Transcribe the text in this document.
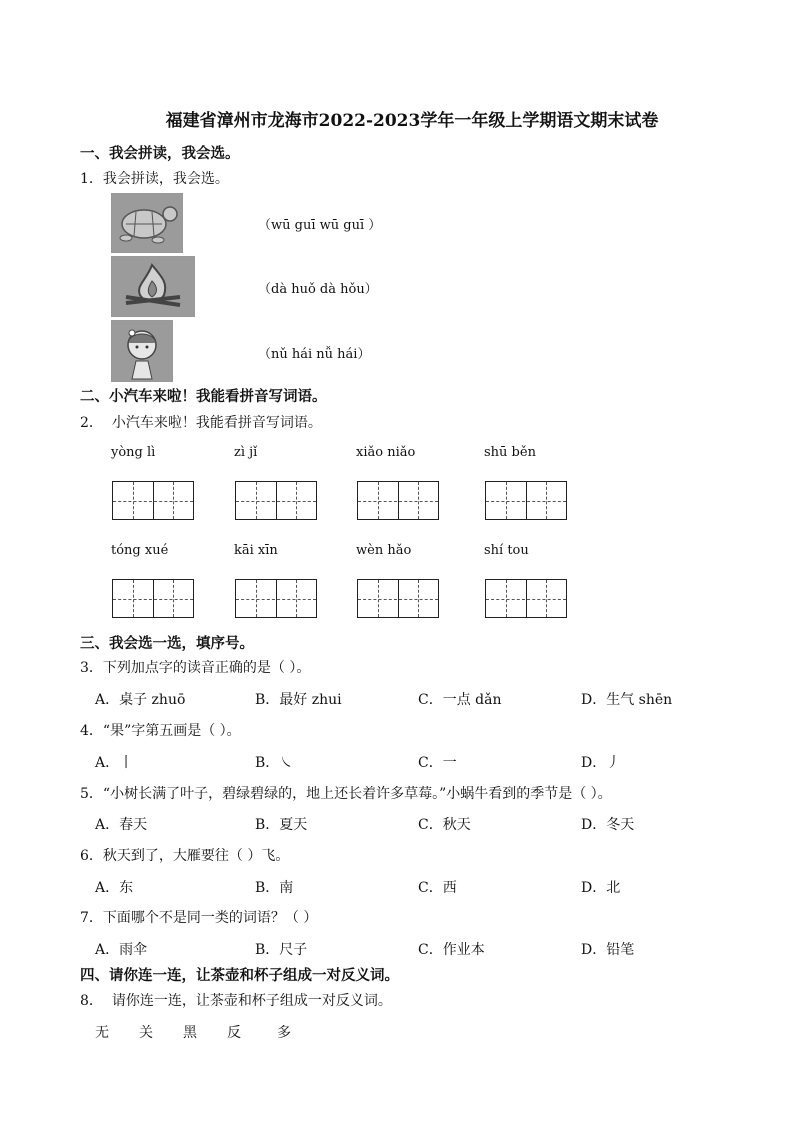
福建省漳州市龙海市2022-2023学年一年级上学期语文期末试卷
一、我会拼读，我会选。
1．我会拼读，我会选。
（wū guī wū guī ）
（dà huǒ dà hǒu）
（nǔ hái nǚ hái）
二、小汽车来啦！我能看拼音写词语。
2． 小汽车来啦！我能看拼音写词语。
yòng lì	zì jǐ	xiǎo niǎo	shū běn
tóng xué	kāi xīn	wèn hǎo	shí tou
三、我会选一选，填序号。
3．下列加点字的读音正确的是（ ）。
A．桌子 zhuō	B．最好 zhui	C．一点 dǎn	D．生气 shēn
4．“果”字第五画是（ ）。
A．丨	B．㇏	C．一	D．丿
5．“小树长满了叶子，碧绿碧绿的，地上还长着许多草莓。”小蜗牛看到的季节是（ ）。
A．春天	B．夏天	C．秋天	D．冬天
6．秋天到了，大雁要往（ ）飞。
A．东	B．南	C．西	D．北
7．下面哪个不是同一类的词语？（ ）
A．雨伞	B．尺子	C．作业本	D．铅笔
四、请你连一连，让茶壶和杯子组成一对反义词。
8． 请你连一连，让茶壶和杯子组成一对反义词。
无 关 黑 反	多
